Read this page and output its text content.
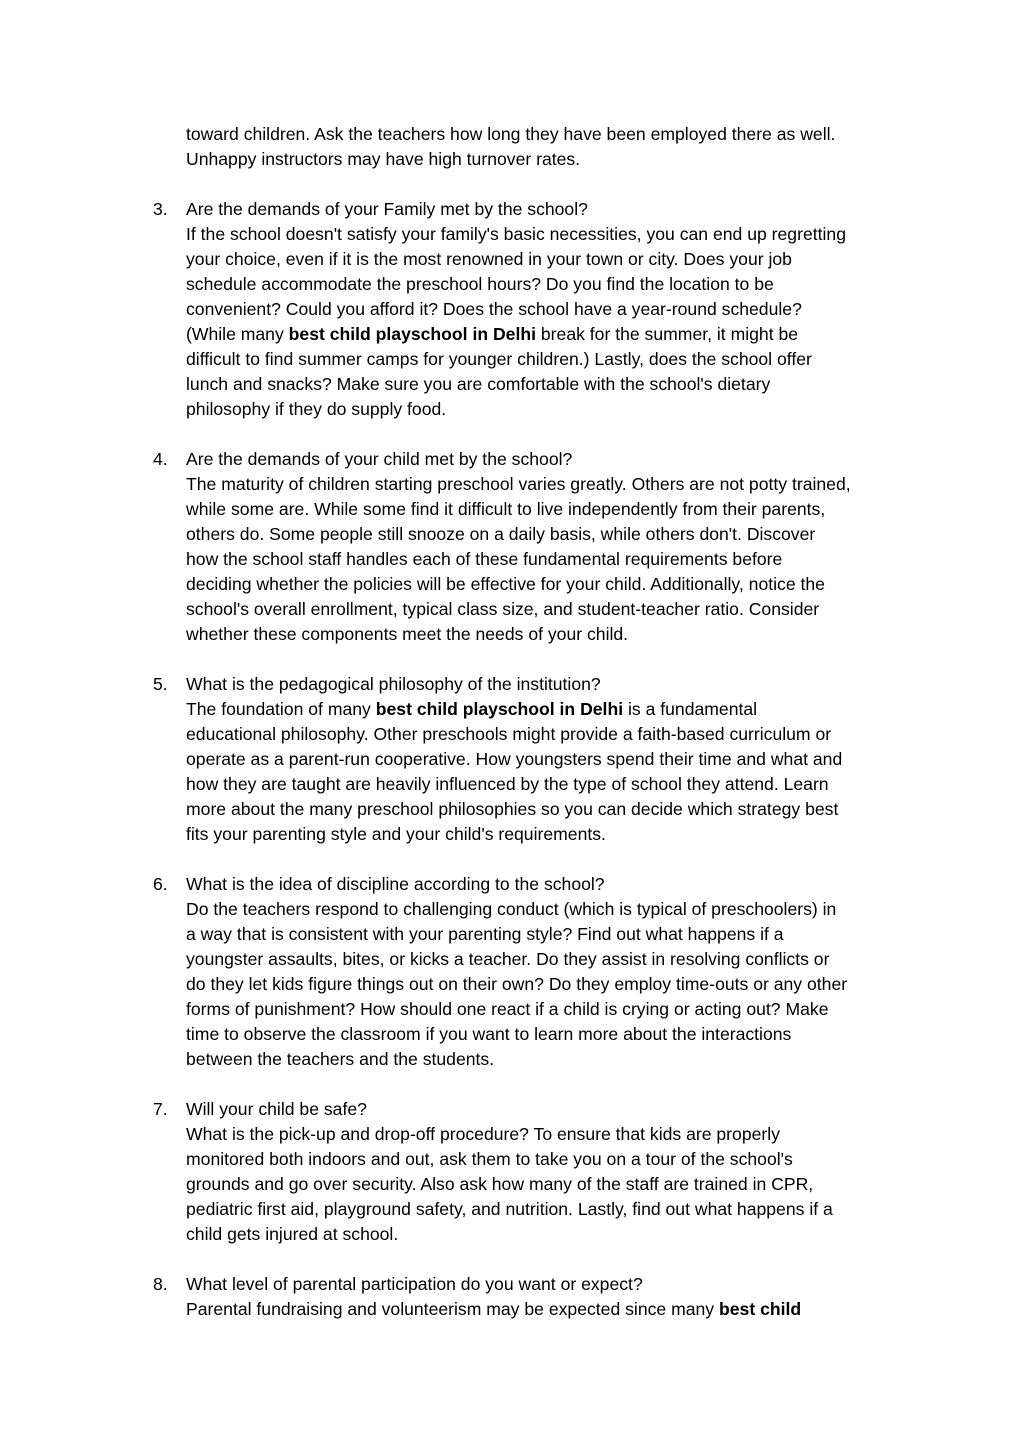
toward children. Ask the teachers how long they have been employed there as well.
Unhappy instructors may have high turnover rates.
3.	Are the demands of your Family met by the school?
If the school doesn't satisfy your family's basic necessities, you can end up regretting
your choice, even if it is the most renowned in your town or city. Does your job
schedule accommodate the preschool hours? Do you find the location to be
convenient? Could you afford it? Does the school have a year-round schedule?
(While many best child playschool in Delhi break for the summer, it might be
difficult to find summer camps for younger children.) Lastly, does the school offer
lunch and snacks? Make sure you are comfortable with the school's dietary
philosophy if they do supply food.
4.	Are the demands of your child met by the school?
The maturity of children starting preschool varies greatly. Others are not potty trained,
while some are. While some find it difficult to live independently from their parents,
others do. Some people still snooze on a daily basis, while others don't. Discover
how the school staff handles each of these fundamental requirements before
deciding whether the policies will be effective for your child. Additionally, notice the
school's overall enrollment, typical class size, and student-teacher ratio. Consider
whether these components meet the needs of your child.
5.	What is the pedagogical philosophy of the institution?
The foundation of many best child playschool in Delhi is a fundamental
educational philosophy. Other preschools might provide a faith-based curriculum or
operate as a parent-run cooperative. How youngsters spend their time and what and
how they are taught are heavily influenced by the type of school they attend. Learn
more about the many preschool philosophies so you can decide which strategy best
fits your parenting style and your child's requirements.
6.	What is the idea of discipline according to the school?
Do the teachers respond to challenging conduct (which is typical of preschoolers) in
a way that is consistent with your parenting style? Find out what happens if a
youngster assaults, bites, or kicks a teacher. Do they assist in resolving conflicts or
do they let kids figure things out on their own? Do they employ time-outs or any other
forms of punishment? How should one react if a child is crying or acting out? Make
time to observe the classroom if you want to learn more about the interactions
between the teachers and the students.
7.	Will your child be safe?
What is the pick-up and drop-off procedure? To ensure that kids are properly
monitored both indoors and out, ask them to take you on a tour of the school's
grounds and go over security. Also ask how many of the staff are trained in CPR,
pediatric first aid, playground safety, and nutrition. Lastly, find out what happens if a
child gets injured at school.
8.	What level of parental participation do you want or expect?
Parental fundraising and volunteerism may be expected since many best child
